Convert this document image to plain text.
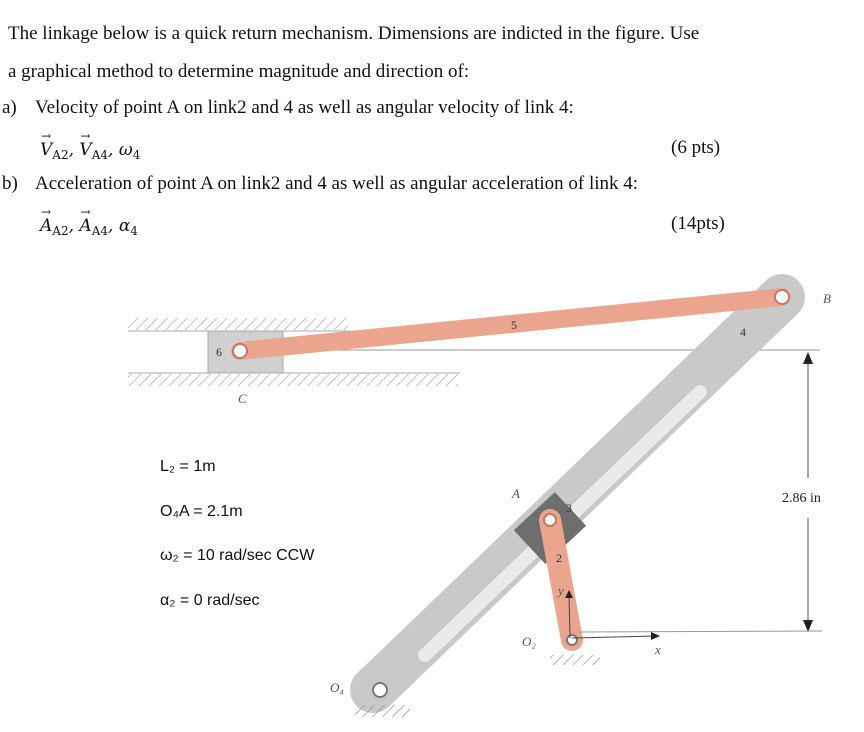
The linkage below is a quick return mechanism. Dimensions are indicted in the figure. Use
a graphical method to determine magnitude and direction of:
a) Velocity of point A on link2 and 4 as well as angular velocity of link 4:
→ $V_{A2}$, → $V_{A4}$, $\omega_4$	(6 pts)
b) Acceleration of point A on link2 and 4 as well as angular acceleration of link 4:
→ $A_{A2}$, → $A_{A4}$, $\alpha_4$	(14pts)
B
C
A
O₂
O₄
x
y
2
3
4
5
6
2.86 in
L₂ = 1m
O₄A = 2.1m
ω₂ = 10 rad/sec CCW
α₂ = 0 rad/sec
